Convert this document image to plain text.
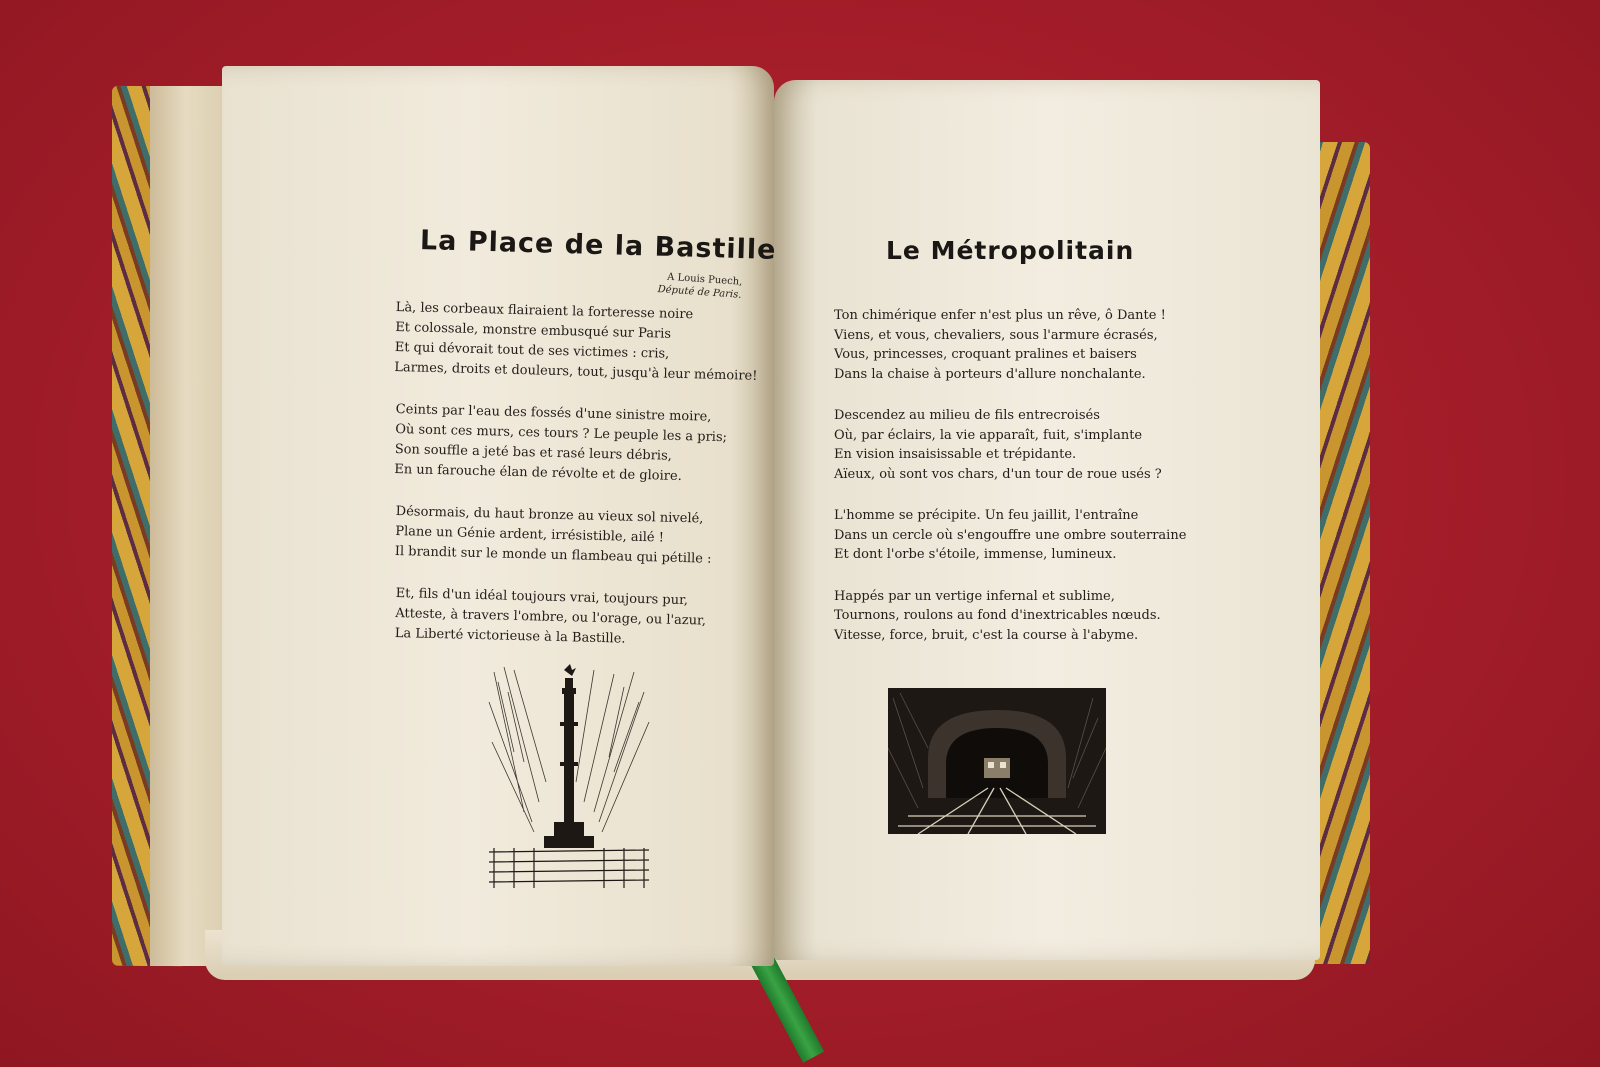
La Place de la Bastille
A Louis Puech,
Député de Paris.

Là, les corbeaux flairaient la forteresse noire
Et colossale, monstre embusqué sur Paris
Et qui dévorait tout de ses victimes : cris,
Larmes, droits et douleurs, tout, jusqu'à leur mémoire!

Ceints par l'eau des fossés d'une sinistre moire,
Où sont ces murs, ces tours ? Le peuple les a pris;
Son souffle a jeté bas et rasé leurs débris,
En un farouche élan de révolte et de gloire.

Désormais, du haut bronze au vieux sol nivelé,
Plane un Génie ardent, irrésistible, ailé !
Il brandit sur le monde un flambeau qui pétille :

Et, fils d'un idéal toujours vrai, toujours pur,
Atteste, à travers l'ombre, ou l'orage, ou l'azur,
La Liberté victorieuse à la Bastille.

Le Métropolitain

Ton chimérique enfer n'est plus un rêve, ô Dante !
Viens, et vous, chevaliers, sous l'armure écrasés,
Vous, princesses, croquant pralines et baisers
Dans la chaise à porteurs d'allure nonchalante.

Descendez au milieu de fils entrecroisés
Où, par éclairs, la vie apparaît, fuit, s'implante
En vision insaisissable et trépidante.
Aïeux, où sont vos chars, d'un tour de roue usés ?

L'homme se précipite. Un feu jaillit, l'entraîne
Dans un cercle où s'engouffre une ombre souterraine
Et dont l'orbe s'étoile, immense, lumineux.

Happés par un vertige infernal et sublime,
Tournons, roulons au fond d'inextricables nœuds.
Vitesse, force, bruit, c'est la course à l'abyme.
